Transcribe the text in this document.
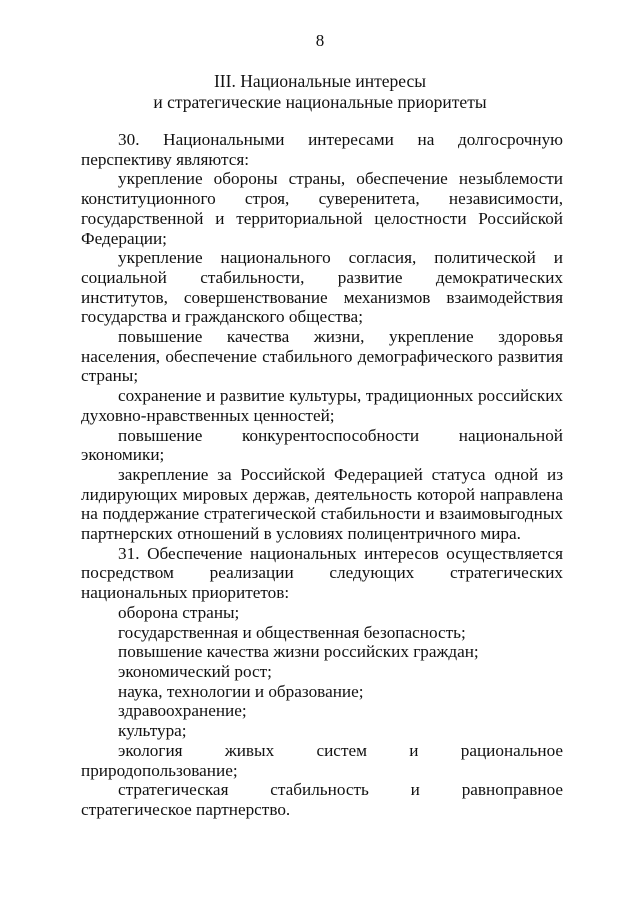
8
III. Национальные интересы
и стратегические национальные приоритеты

30. Национальными интересами на долгосрочную перспективу являются:

укрепление обороны страны, обеспечение незыблемости конституционного строя, суверенитета, независимости, государственной и территориальной целостности Российской Федерации;

укрепление национального согласия, политической и социальной стабильности, развитие демократических институтов, совершенствование механизмов взаимодействия государства и гражданского общества;

повышение качества жизни, укрепление здоровья населения, обеспечение стабильного демографического развития страны;

сохранение и развитие культуры, традиционных российских духовно-нравственных ценностей;

повышение конкурентоспособности национальной экономики;

закрепление за Российской Федерацией статуса одной из лидирующих мировых держав, деятельность которой направлена на поддержание стратегической стабильности и взаимовыгодных партнерских отношений в условиях полицентричного мира.

31. Обеспечение национальных интересов осуществляется посредством реализации следующих стратегических национальных приоритетов:

оборона страны;

государственная и общественная безопасность;

повышение качества жизни российских граждан;

экономический рост;

наука, технологии и образование;

здравоохранение;

культура;

экология живых систем и рациональное природопользование;

стратегическая стабильность и равноправное стратегическое партнерство.
